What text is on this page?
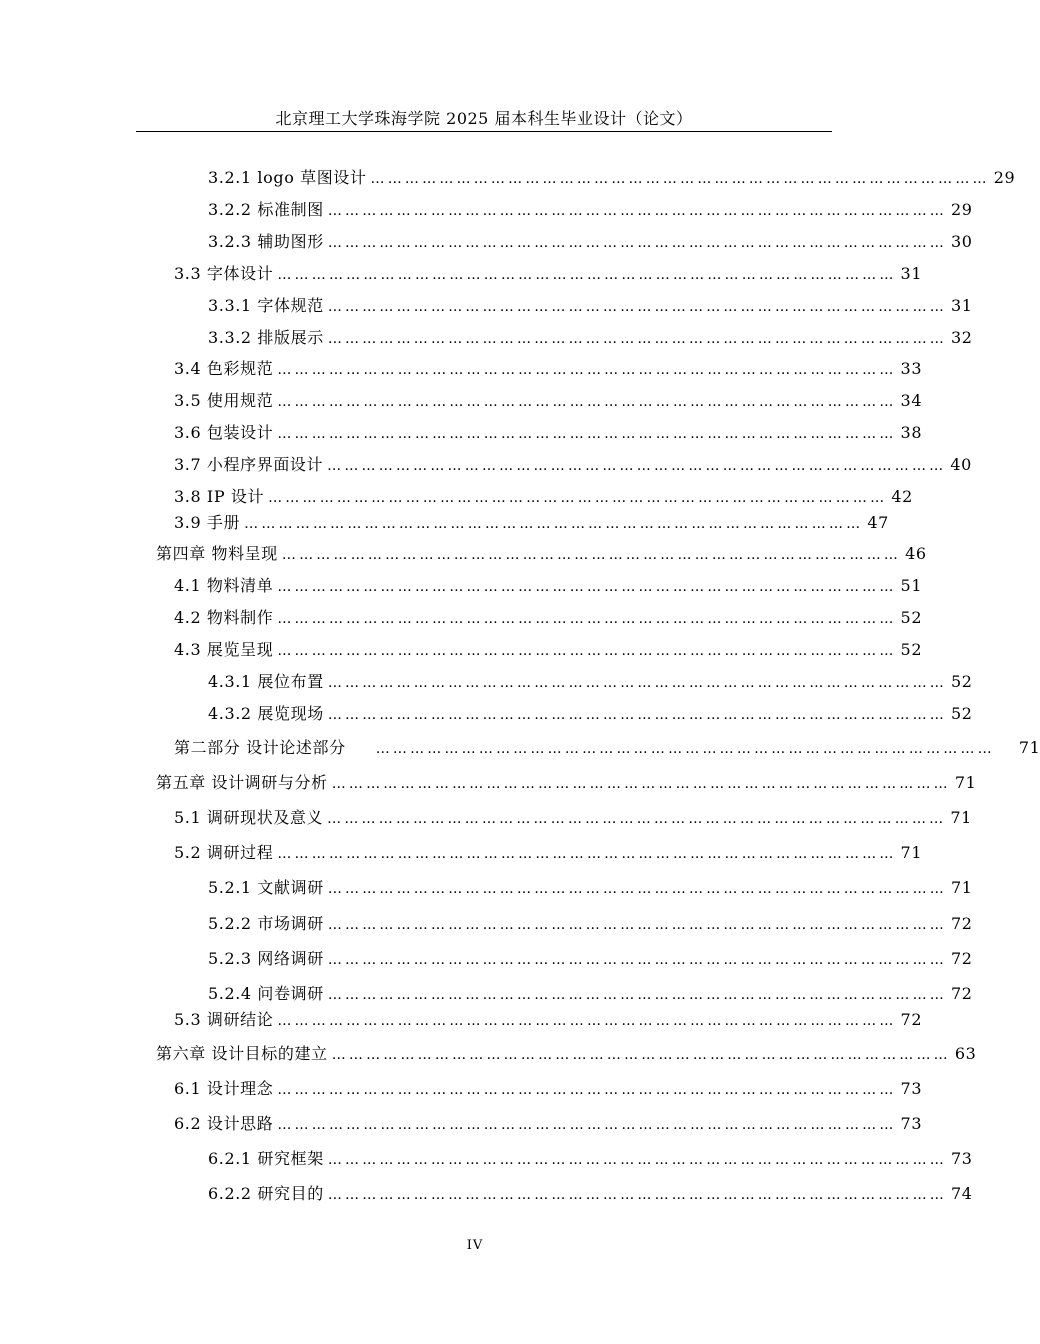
北京理工大学珠海学院 2025 届本科生毕业设计（论文）
3.2.1 logo 草图设计 ……………………………………………………………………………………………… 29
3.2.2 标准制图 ……………………………………………………………………………………………… 29
3.2.3 辅助图形 ……………………………………………………………………………………………… 30
3.3 字体设计 ……………………………………………………………………………………………… 31
3.3.1 字体规范 ……………………………………………………………………………………………… 31
3.3.2 排版展示 ……………………………………………………………………………………………… 32
3.4 色彩规范 ……………………………………………………………………………………………… 33
3.5 使用规范 ……………………………………………………………………………………………… 34
3.6 包装设计 ……………………………………………………………………………………………… 38
3.7 小程序界面设计 ……………………………………………………………………………………………… 40
3.8 IP 设计 ……………………………………………………………………………………………… 42
3.9 手册 ……………………………………………………………………………………………… 47
第四章 物料呈现 ……………………………………………………………………………………………… 46
4.1 物料清单 ……………………………………………………………………………………………… 51
4.2 物料制作 ……………………………………………………………………………………………… 52
4.3 展览呈现 ……………………………………………………………………………………………… 52
4.3.1 展位布置 ……………………………………………………………………………………………… 52
4.3.2 展览现场 ……………………………………………………………………………………………… 52
第二部分 设计论述部分 ……………………………………………………………………………………………… 71
第五章 设计调研与分析 ……………………………………………………………………………………………… 71
5.1 调研现状及意义 ……………………………………………………………………………………………… 71
5.2 调研过程 ……………………………………………………………………………………………… 71
5.2.1 文献调研 ……………………………………………………………………………………………… 71
5.2.2 市场调研 ……………………………………………………………………………………………… 72
5.2.3 网络调研 ……………………………………………………………………………………………… 72
5.2.4 问卷调研 ……………………………………………………………………………………………… 72
5.3 调研结论 ……………………………………………………………………………………………… 72
第六章 设计目标的建立 ……………………………………………………………………………………………… 63
6.1 设计理念 ……………………………………………………………………………………………… 73
6.2 设计思路 ……………………………………………………………………………………………… 73
6.2.1 研究框架 ……………………………………………………………………………………………… 73
6.2.2 研究目的 ……………………………………………………………………………………………… 74
IV
